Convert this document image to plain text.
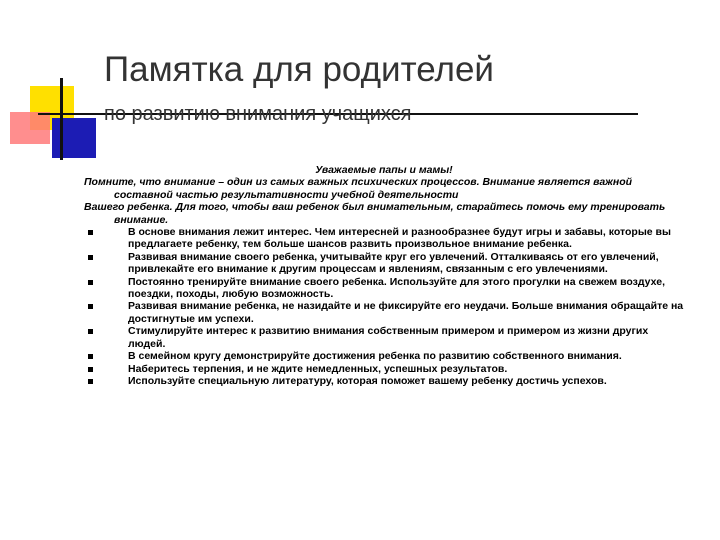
Памятка для родителей
по развитию внимания учащихся

Уважаемые папы и мамы!

Помните, что внимание – один из самых важных психических процессов. Внимание является важной составной частью результативности учебной деятельности

Вашего ребенка. Для того, чтобы ваш ребенок был внимательным, старайтесь помочь ему тренировать внимание.

В основе внимания лежит интерес. Чем интересней и разнообразнее будут игры и забавы, которые вы предлагаете ребенку, тем больше шансов развить произвольное внимание ребенка.
Развивая внимание своего ребенка, учитывайте круг его увлечений. Отталкиваясь от его увлечений, привлекайте его внимание к другим процессам и явлениям, связанным с его увлечениями.
Постоянно тренируйте внимание своего ребенка. Используйте для этого прогулки на свежем воздухе, поездки, походы, любую возможность.
Развивая внимание ребенка, не назидайте и не фиксируйте его неудачи. Больше внимания обращайте на достигнутые им успехи.
Стимулируйте интерес к развитию внимания собственным примером и примером из жизни других людей.
В семейном кругу демонстрируйте достижения ребенка по развитию собственного внимания.
Наберитесь терпения, и не ждите немедленных, успешных результатов.
Используйте специальную литературу, которая поможет вашему ребенку достичь успехов.
